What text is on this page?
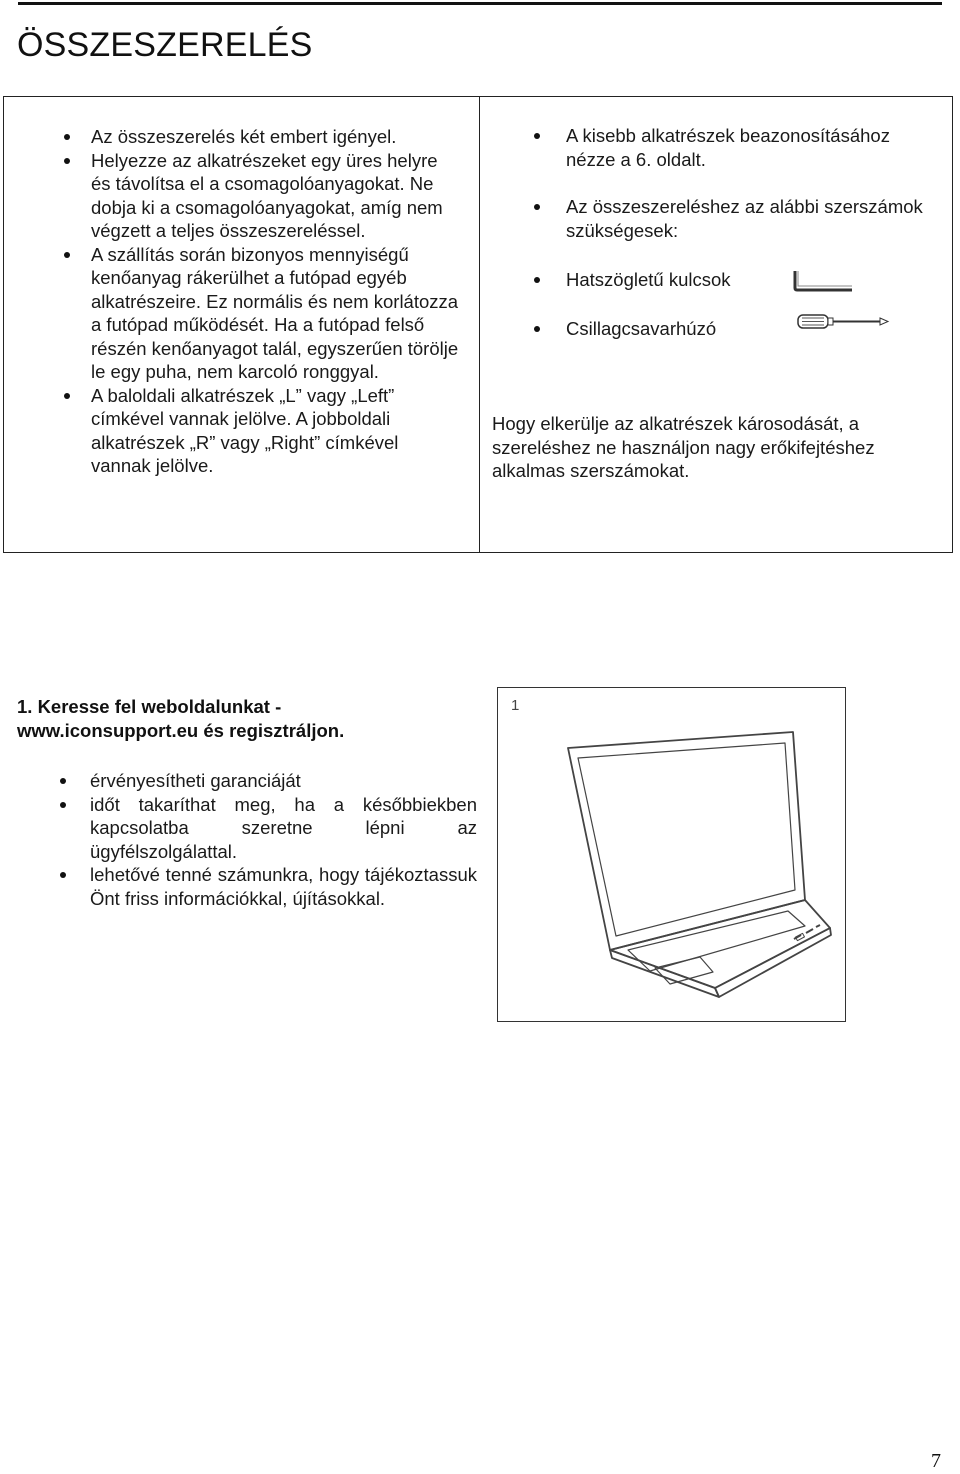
ÖSSZESZERELÉS
Az összeszerelés két embert igényel.
Helyezze az alkatrészeket egy üres helyre és távolítsa el a csomagolóanyagokat. Ne dobja ki a csomagolóanyagokat, amíg nem végzett a teljes összeszereléssel.
A szállítás során bizonyos mennyiségű kenőanyag rákerülhet a futópad egyéb alkatrészeire. Ez normális és nem korlátozza a futópad működését. Ha a futópad felső részén kenőanyagot talál, egyszerűen törölje le egy puha, nem karcoló ronggyal.
A baloldali alkatrészek „L” vagy „Left” címkével vannak jelölve. A jobboldali alkatrészek „R” vagy „Right” címkével vannak jelölve.
A kisebb alkatrészek beazonosításához nézze a 6. oldalt.
Az összeszereléshez az alábbi szerszámok szükségesek:
Hatszögletű kulcsok
Csillagcsavarhúzó
Hogy elkerülje az alkatrészek károsodását, a szereléshez ne használjon nagy erőkifejtéshez alkalmas szerszámokat.
1. Keresse fel weboldalunkat - www.iconsupport.eu és regisztráljon.
érvényesítheti garanciáját
időt takaríthat meg, ha a későbbiekben kapcsolatba szeretne lépni az ügyfélszolgálattal.
lehetővé tenné számunkra, hogy tájékoztassuk Önt friss információkkal, újításokkal.
1
7
